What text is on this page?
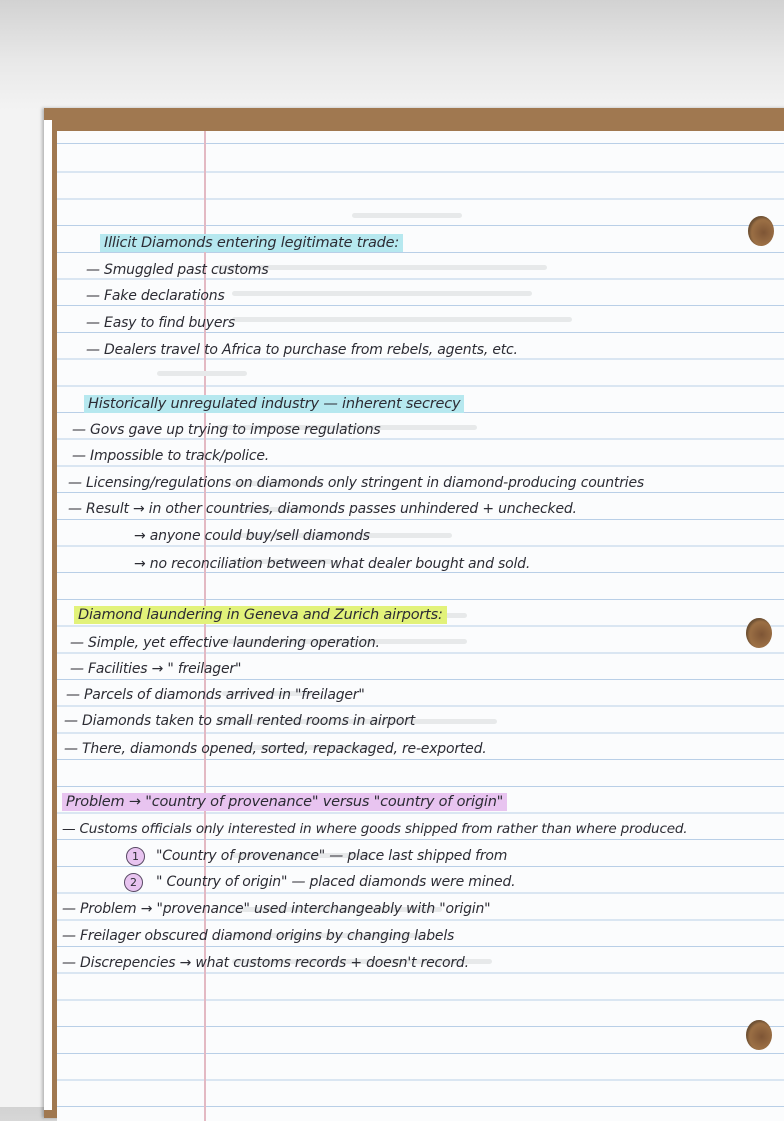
Illicit Diamonds entering legitimate trade:
— Smuggled past customs
— Fake declarations
— Easy to find buyers
— Dealers travel to Africa to purchase from rebels, agents, etc.
Historically unregulated industry — inherent secrecy
— Govs gave up trying to impose regulations
— Impossible to track/police.
— Licensing/regulations on diamonds only stringent in diamond-producing countries
— Result → in other countries, diamonds passes unhindered + unchecked.
→ anyone could buy/sell diamonds
→ no reconciliation between what dealer bought and sold.
Diamond laundering in Geneva and Zurich airports:
— Simple, yet effective laundering operation.
— Facilities → " freilager"
— Parcels of diamonds arrived in "freilager"
— Diamonds taken to small rented rooms in airport
— There, diamonds opened, sorted, repackaged, re-exported.
Problem → "country of provenance" versus "country of origin"
— Customs officials only interested in where goods shipped from rather than where produced.
1	"Country of provenance" — place last shipped from
2	" Country of origin" — placed diamonds were mined.
— Problem → "provenance" used interchangeably with "origin"
— Freilager obscured diamond origins by changing labels
— Discrepencies → what customs records + doesn't record.
